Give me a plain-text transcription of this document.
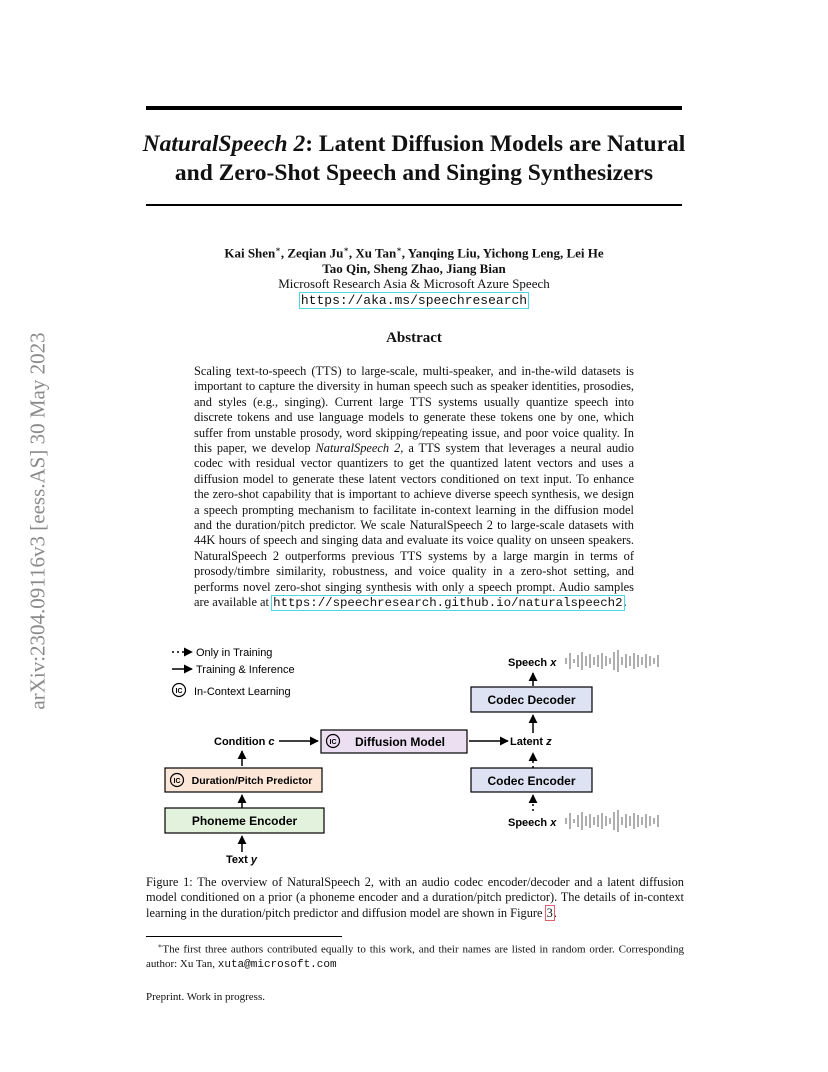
NaturalSpeech 2: Latent Diffusion Models are Natural
and Zero-Shot Speech and Singing Synthesizers
arXiv:2304.09116v3 [eess.AS] 30 May 2023
Kai Shen∗, Zeqian Ju∗, Xu Tan∗, Yanqing Liu, Yichong Leng, Lei He
Tao Qin, Sheng Zhao, Jiang Bian
Microsoft Research Asia & Microsoft Azure Speech
https://aka.ms/speechresearch
Abstract
Scaling text-to-speech (TTS) to large-scale, multi-speaker, and in-the-wild datasets is important to capture the diversity in human speech such as speaker identities, prosodies, and styles (e.g., singing). Current large TTS systems usually quantize speech into discrete tokens and use language models to generate these tokens one by one, which suffer from unstable prosody, word skipping/repeating issue, and poor voice quality. In this paper, we develop NaturalSpeech 2, a TTS system that leverages a neural audio codec with residual vector quantizers to get the quantized latent vectors and uses a diffusion model to generate these latent vectors conditioned on text input. To enhance the zero-shot capability that is important to achieve diverse speech synthesis, we design a speech prompting mechanism to facilitate in-context learning in the diffusion model and the duration/pitch predictor. We scale NaturalSpeech 2 to large-scale datasets with 44K hours of speech and singing data and evaluate its voice quality on unseen speakers. NaturalSpeech 2 outperforms previous TTS systems by a large margin in terms of prosody/timbre similarity, robustness, and voice quality in a zero-shot setting, and performs novel zero-shot singing synthesis with only a speech prompt. Audio samples are available at https://speechresearch.github.io/naturalspeech2.
Only in Training
Training & Inference
IC In-Context Learning
Speech x
Codec Decoder
Condition c	IC Diffusion Model	Latent z
IC Duration/Pitch Predictor	Codec Encoder
Phoneme Encoder	Speech x
Text y
Figure 1: The overview of NaturalSpeech 2, with an audio codec encoder/decoder and a latent diffusion model conditioned on a prior (a phoneme encoder and a duration/pitch predictor). The details of in-context learning in the duration/pitch predictor and diffusion model are shown in Figure 3.
∗The first three authors contributed equally to this work, and their names are listed in random order. Corresponding author: Xu Tan, xuta@microsoft.com
Preprint. Work in progress.
